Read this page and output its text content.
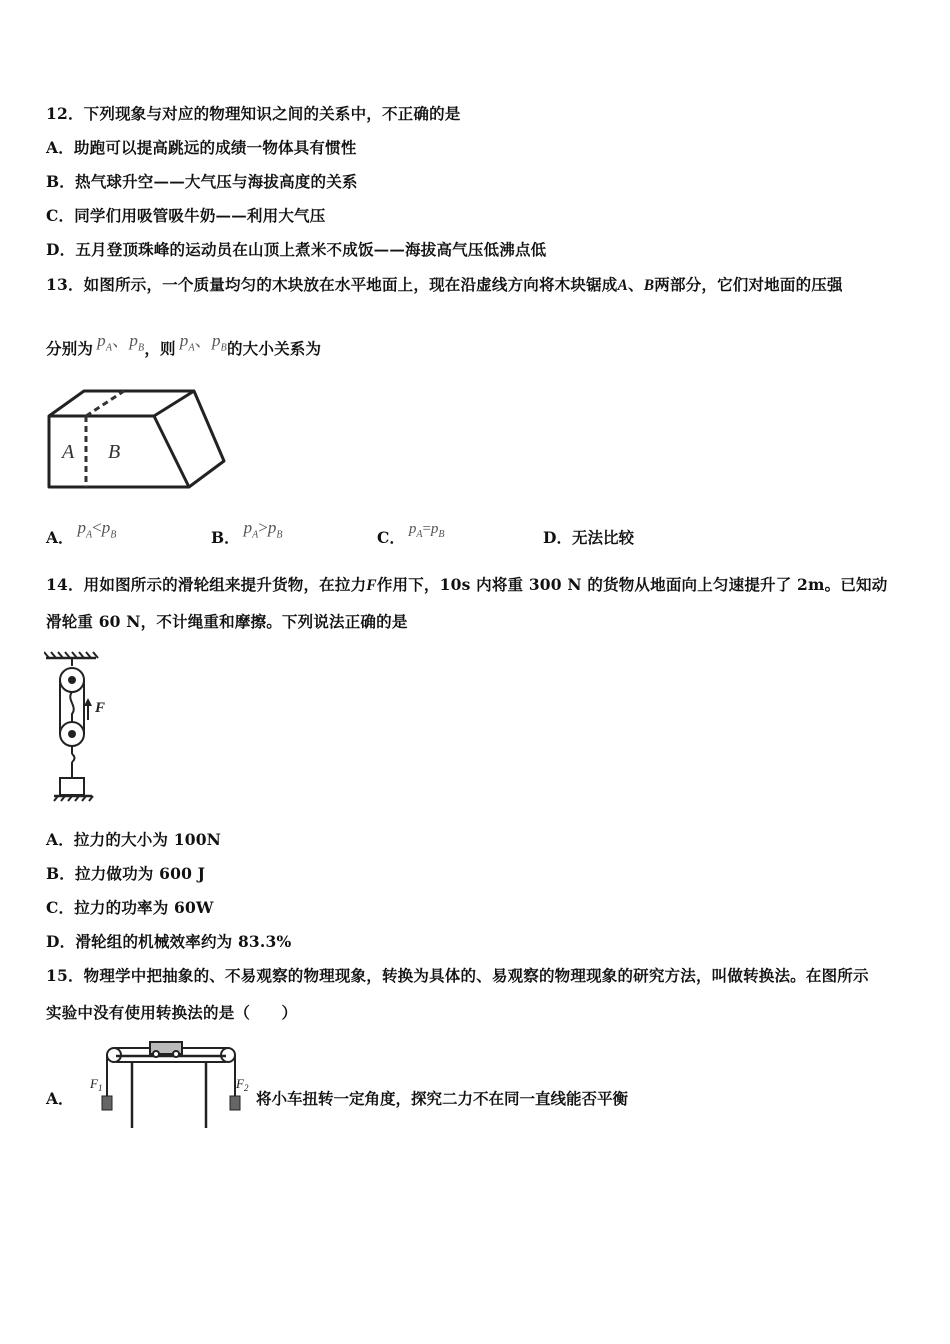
12．下列现象与对应的物理知识之间的关系中，不正确的是
A．助跑可以提高跳远的成绩一物体具有惯性
B．热气球升空——大气压与海拔高度的关系
C．同学们用吸管吸牛奶——利用大气压
D．五月登顶珠峰的运动员在山顶上煮米不成饭——海拔高气压低沸点低
13．如图所示，一个质量均匀的木块放在水平地面上，现在沿虚线方向将木块锯成A、B两部分，它们对地面的压强
分别为 $p_A$、$p_B$，则 $p_A$、$p_B$的大小关系为
A B
A．$p_A<p_B$	B．$p_A>p_B$	C． $p_A=p_B$	D．无法比较
14．用如图所示的滑轮组来提升货物，在拉力F作用下，10s 内将重 300 N 的货物从地面向上匀速提升了 2m。已知动
滑轮重 60 N，不计绳重和摩擦。下列说法正确的是
F
A．拉力的大小为 100N
B．拉力做功为 600 J
C．拉力的功率为 60W
D．滑轮组的机械效率约为 83.3%
15．物理学中把抽象的、不易观察的物理现象，转换为具体的、易观察的物理现象的研究方法，叫做转换法。在图所示
实验中没有使用转换法的是（　　）
A．
$F_1$	$F_2$
将小车扭转一定角度，探究二力不在同一直线能否平衡
